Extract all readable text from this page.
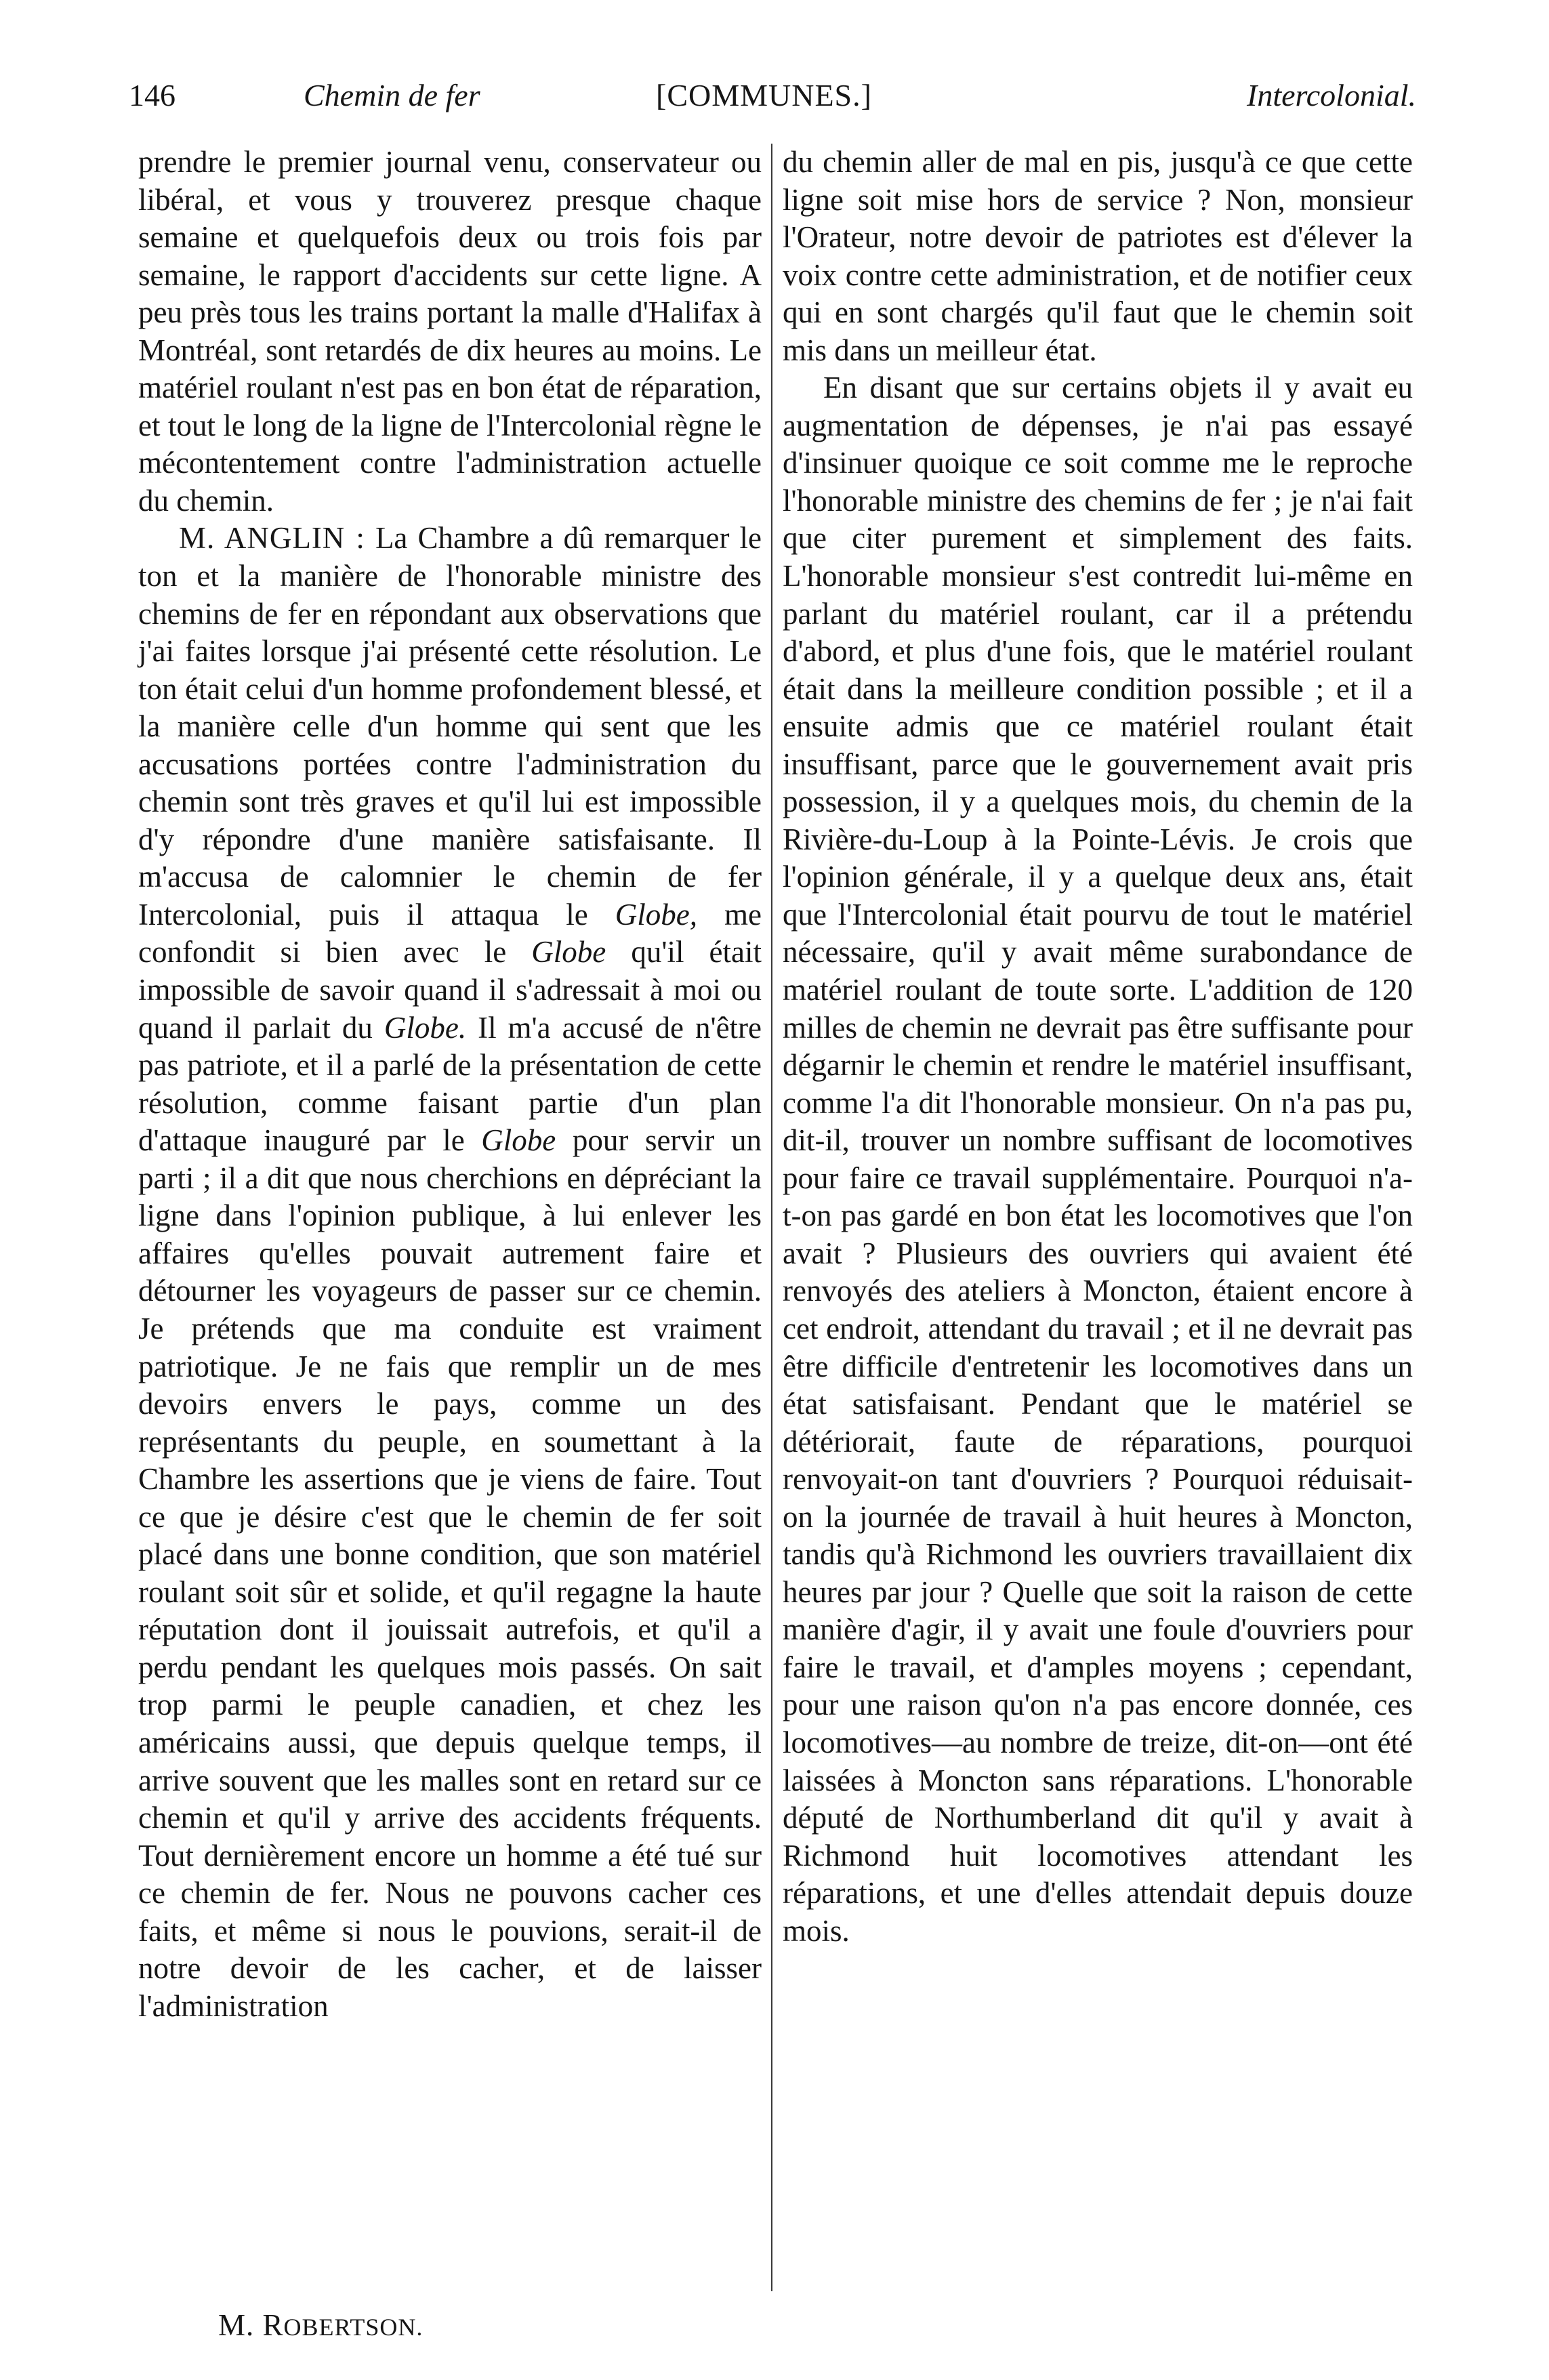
146	Chemin de fer	[COMMUNES.]	Intercolonial.

prendre le premier journal venu, conservateur ou libéral, et vous y trouverez presque chaque semaine et quelquefois deux ou trois fois par semaine, le rapport d'accidents sur cette ligne. A peu près tous les trains portant la malle d'Halifax à Montréal, sont retardés de dix heures au moins. Le matériel roulant n'est pas en bon état de réparation, et tout le long de la ligne de l'Intercolonial règne le mécontentement contre l'administration actuelle du chemin.

M. ANGLIN : La Chambre a dû remarquer le ton et la manière de l'honorable ministre des chemins de fer en répondant aux observations que j'ai faites lorsque j'ai présenté cette résolution. Le ton était celui d'un homme profondement blessé, et la manière celle d'un homme qui sent que les accusations portées contre l'administration du chemin sont très graves et qu'il lui est impossible d'y répondre d'une manière satisfaisante. Il m'accusa de calomnier le chemin de fer Intercolonial, puis il attaqua le Globe, me confondit si bien avec le Globe qu'il était impossible de savoir quand il s'adressait à moi ou quand il parlait du Globe. Il m'a accusé de n'être pas patriote, et il a parlé de la présentation de cette résolution, comme faisant partie d'un plan d'attaque inauguré par le Globe pour servir un parti ; il a dit que nous cherchions en dépréciant la ligne dans l'opinion publique, à lui enlever les affaires qu'elles pouvait autrement faire et détourner les voyageurs de passer sur ce chemin. Je prétends que ma conduite est vraiment patriotique. Je ne fais que remplir un de mes devoirs envers le pays, comme un des représentants du peuple, en soumettant à la Chambre les assertions que je viens de faire. Tout ce que je désire c'est que le chemin de fer soit placé dans une bonne condition, que son matériel roulant soit sûr et solide, et qu'il regagne la haute réputation dont il jouissait autrefois, et qu'il a perdu pendant les quelques mois passés. On sait trop parmi le peuple canadien, et chez les américains aussi, que depuis quelque temps, il arrive souvent que les malles sont en retard sur ce chemin et qu'il y arrive des accidents fréquents. Tout dernièrement encore un homme a été tué sur ce chemin de fer. Nous ne pouvons cacher ces faits, et même si nous le pouvions, serait-il de notre devoir de les cacher, et de laisser l'administration

du chemin aller de mal en pis, jusqu'à ce que cette ligne soit mise hors de service ? Non, monsieur l'Orateur, notre devoir de patriotes est d'élever la voix contre cette administration, et de notifier ceux qui en sont chargés qu'il faut que le chemin soit mis dans un meilleur état.

En disant que sur certains objets il y avait eu augmentation de dépenses, je n'ai pas essayé d'insinuer quoique ce soit comme me le reproche l'honorable ministre des chemins de fer ; je n'ai fait que citer purement et simplement des faits. L'honorable monsieur s'est contredit lui-même en parlant du matériel roulant, car il a prétendu d'abord, et plus d'une fois, que le matériel roulant était dans la meilleure condition possible ; et il a ensuite admis que ce matériel roulant était insuffisant, parce que le gouvernement avait pris possession, il y a quelques mois, du chemin de la Rivière-du-Loup à la Pointe-Lévis. Je crois que l'opinion générale, il y a quelque deux ans, était que l'Intercolonial était pourvu de tout le matériel nécessaire, qu'il y avait même surabondance de matériel roulant de toute sorte. L'addition de 120 milles de chemin ne devrait pas être suffisante pour dégarnir le chemin et rendre le matériel insuffisant, comme l'a dit l'honorable monsieur. On n'a pas pu, dit-il, trouver un nombre suffisant de locomotives pour faire ce travail supplémentaire. Pourquoi n'a-t-on pas gardé en bon état les locomotives que l'on avait ? Plusieurs des ouvriers qui avaient été renvoyés des ateliers à Moncton, étaient encore à cet endroit, attendant du travail ; et il ne devrait pas être difficile d'entretenir les locomotives dans un état satisfaisant. Pendant que le matériel se détériorait, faute de réparations, pourquoi renvoyait-on tant d'ouvriers ? Pourquoi réduisait-on la journée de travail à huit heures à Moncton, tandis qu'à Richmond les ouvriers travaillaient dix heures par jour ? Quelle que soit la raison de cette manière d'agir, il y avait une foule d'ouvriers pour faire le travail, et d'amples moyens ; cependant, pour une raison qu'on n'a pas encore donnée, ces locomotives—au nombre de treize, dit-on—ont été laissées à Moncton sans réparations. L'honorable député de Northumberland dit qu'il y avait à Richmond huit locomotives attendant les réparations, et une d'elles attendait depuis douze mois.

M. ROBERTSON.
